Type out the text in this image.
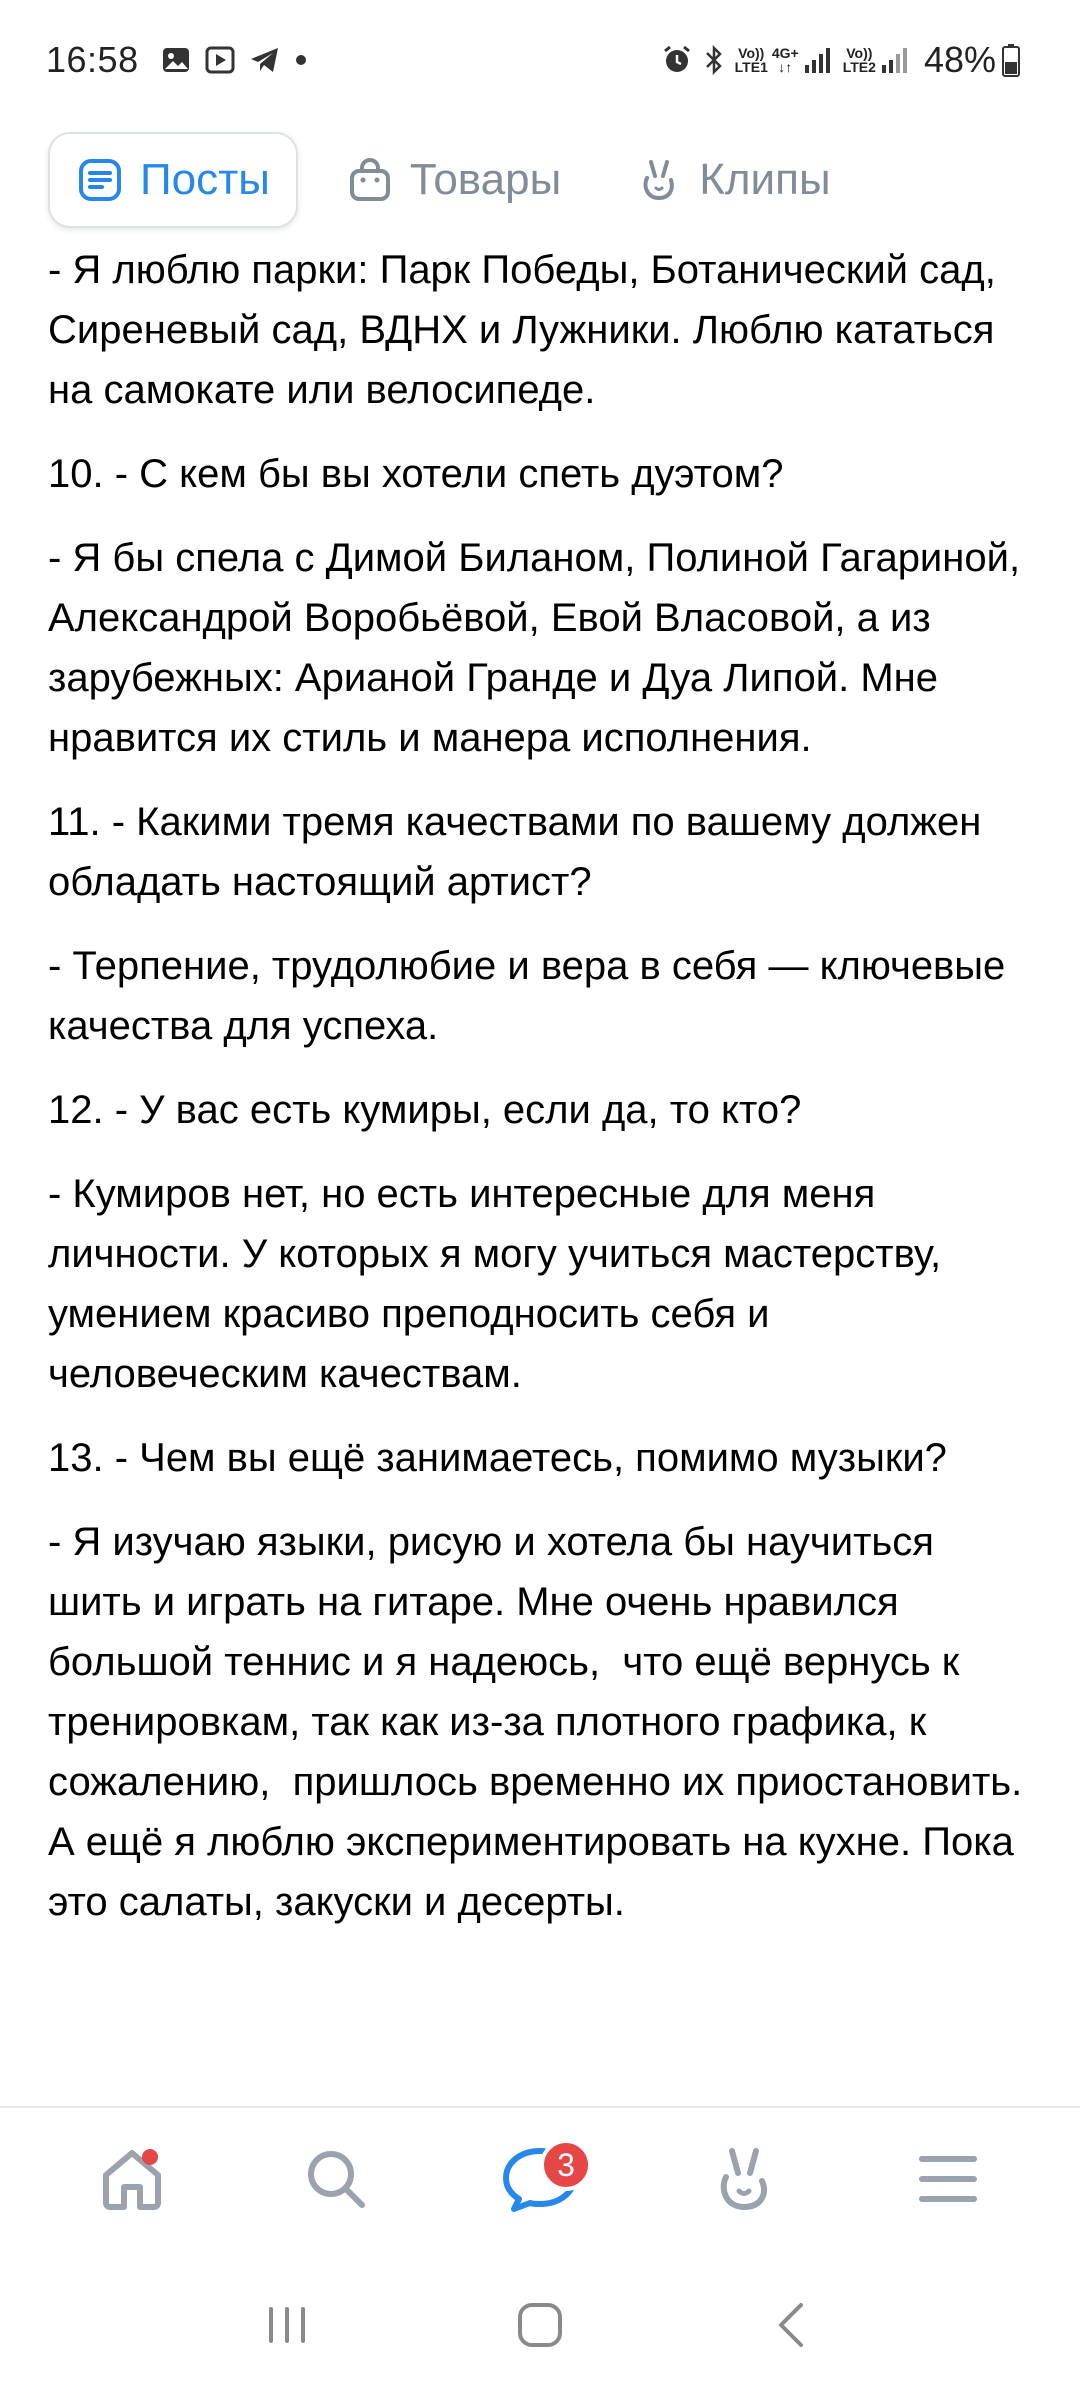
16:58	Vo))
LTE1
4G+
↓↑
Vo))
LTE2 48%
Посты	Товары	Клипы

- Я люблю парки: Парк Победы, Ботанический сад, Сиреневый сад, ВДНХ и Лужники. Люблю кататься на самокате или велосипеде.

10. - С кем бы вы хотели спеть дуэтом?

- Я бы спела с Димой Биланом, Полиной Гагариной, Александрой Воробьёвой, Евой Власовой, а из зарубежных: Арианой Гранде и Дуа Липой. Мне нравится их стиль и манера исполнения.

11. - Какими тремя качествами по вашему должен обладать настоящий артист?

- Терпение, трудолюбие и вера в себя — ключевые качества для успеха.

12. - У вас есть кумиры, если да, то кто?

- Кумиров нет, но есть интересные для меня личности. У которых я могу учиться мастерству, умением красиво преподносить себя и человеческим качествам.

13. - Чем вы ещё занимаетесь, помимо музыки?

- Я изучаю языки, рисую и хотела бы научиться шить и играть на гитаре. Мне очень нравился большой теннис и я надеюсь,  что ещё вернусь к тренировкам, так как из-за плотного графика, к сожалению,  пришлось временно их приостановить. А ещё я люблю экспериментировать на кухне. Пока это салаты, закуски и десерты.

3
